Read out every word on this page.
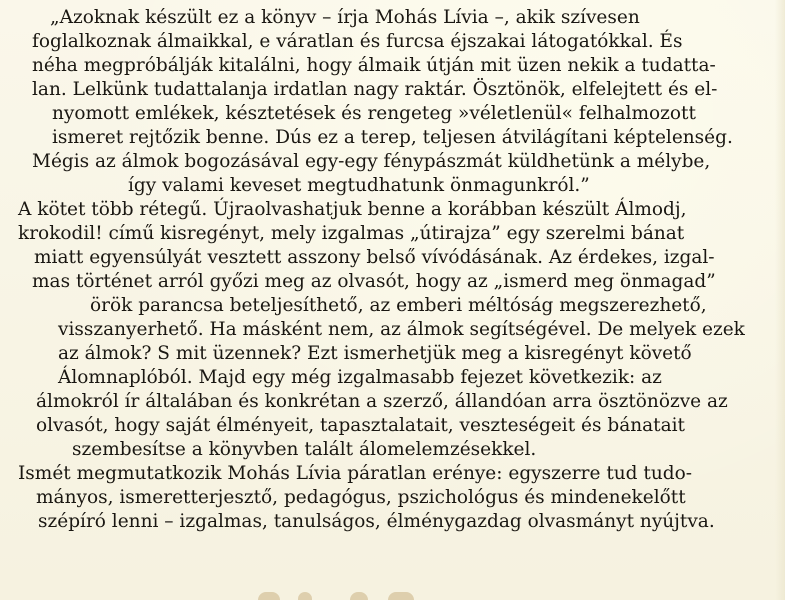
„Azoknak készült ez a könyv – írja Mohás Lívia –, akik szívesen
foglalkoznak álmaikkal, e váratlan és furcsa éjszakai látogatókkal. És
néha megpróbálják kitalálni, hogy álmaik útján mit üzen nekik a tudatta-
lan. Lelkünk tudattalanja irdatlan nagy raktár. Ösztönök, elfelejtett és el-
nyomott emlékek, késztetések és rengeteg »véletlenül« felhalmozott
ismeret rejtőzik benne. Dús ez a terep, teljesen átvilágítani képtelenség.
Mégis az álmok bogozásával egy-egy fénypászmát küldhetünk a mélybe,
így valami keveset megtudhatunk önmagunkról.”
A kötet több rétegű. Újraolvashatjuk benne a korábban készült Álmodj,
krokodil! című kisregényt, mely izgalmas „útirajza” egy szerelmi bánat
miatt egyensúlyát vesztett asszony belső vívódásának. Az érdekes, izgal-
mas történet arról győzi meg az olvasót, hogy az „ismerd meg önmagad”
örök parancsa beteljesíthető, az emberi méltóság megszerezhető,
visszanyerhető. Ha másként nem, az álmok segítségével. De melyek ezek
az álmok? S mit üzennek? Ezt ismerhetjük meg a kisregényt követő
Álomnaplóból. Majd egy még izgalmasabb fejezet következik: az
álmokról ír általában és konkrétan a szerző, állandóan arra ösztönözve az
olvasót, hogy saját élményeit, tapasztalatait, veszteségeit és bánatait
szembesítse a könyvben talált álomelemzésekkel.
Ismét megmutatkozik Mohás Lívia páratlan erénye: egyszerre tud tudo-
mányos, ismeretterjesztő, pedagógus, pszichológus és mindenekelőtt
szépíró lenni – izgalmas, tanulságos, élménygazdag olvasmányt nyújtva.
